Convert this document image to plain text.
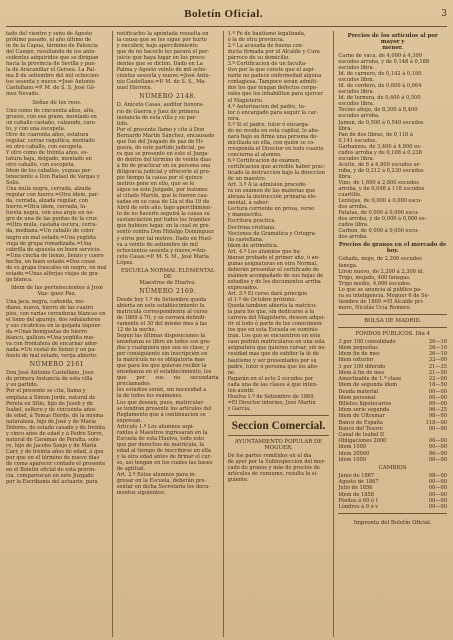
Boletín Oficial.	3
tado del vientre y seño de Agosto
prótimo pasado, el año último de
in de la Capua, término de Palencia
del Campo, resultando de los ante-
cedentes adquiridos que se dirigian
hacia la provincia de Sevilla y pue-
la de Aracanillar el Gersea. La Pal-
ma 8 de setiembre del mil ochocien-
tos sesenta y nueve.=José Antonio
Castellano.=P. M. de S. S. José Gó-
mez Nevado.
Señas de los reos.
Uno como de cincuenta años, alto,
grueso, con ese grano, montado en
un caballo castaño, calzando, care-
to, y con una escopeta.
Otro de cuarenta años, estatura
regular, cerraz raquítica, montado
en otro caballo, con escopeta.
Y otro como de treinta años, es-
tatura baja, delgado, montado en
otro caballo, con escopeta.
Idem de los caballos, yeguas per-
teneciente a Don Rafael de Vargas y
Solis.
Una mula negra, cerrada, alzada
regular con hierro.=Otra idem, par-
da, cerrada, alzada regular, con
hierro.=Otra idem, cerrada, lu-
fureta negra, con una argis en ne-
gro de una de las puntas de la cruz.
=Otra mula, castaña oscura, cerra-
da, mediana.=Un caballo de color
negro en mal estado.=Una yegüita
vieja de grupa romadizada.=Una
cabrilla de apuesta en buen servicio.
=Una cincha de lienzo, lienzo y cuero
hecha, en buen estado.=Dos cosas
de su grapa trascalso en negro, en mal
estado.=Unas alforjas viejas de gra-
ga blanca.
Idem de las pertenecientes á José Vaz- quez Paz.
Una jaca, negra, cañenda, me-
diano, nueva, hierro de las cuatro
pies, con varias cerraduras blancas en
el lomo del aparejo, dos señaladores
y sus cicatrices en la quijada izquier-
da.=Unas boniguetas de hierro
blanco, galluzo.=Una yegüita nue-
va con frontalera de encarnar ador-
nada.=Un costal de lienzo y un pa-
ñuelo de mal estado, verija abierto.
NÚMERO 2161
Don José Antonio Castellano, Juez
de primera Instancia de esta villa
y su partido.
Por el presente se cita, llama y
emplaza á Simon Jorde, natural de
Pereta en Sitio, hijo de Juseb y de
Isabel, soltero y de cincuenta años
de edad, á Tomas Herdo, de la misma
naturaleza, hijo de José y de María
Dolores, de estado casado y de treinta
y cinco años de edad y á Pedro Sorro,
natural de Caramas de Peralta, sole-
ro, hijo de Jacobo Sanjo y de María
Carr, y de treinta años de edad, á que
por que en el término de nueve dias
de como aparecer contado el presente
en el Boletín oficial de esta provin-
cia, comparezcan en este Juzgado
por la Escribanía del actuario, para
notificarles la apuntada resuelta en
la causa que se les sigue por hurto
y encubrir, bajo apercibimiento
que de no hacerlo les parará el per-
juicio que haya lugar en los proce-
dentes que se dicten. Dado en La
Palma y Agosto veinte de mil ocho-
cientos sesenta y nueve.=José Anto-
nio Castellano.=P. M. de S. S., Ma-
nuel Herrera.
NÚMERO 2148.
D. Aniceto Casas, auditor honora-
rio de Guerra y Juez de primera
instancia de esta villa y su par-
tido.
Por el presente llamo y cito á Don
Bernardo Martín Sánchez, encausado
que fué del Juzgado de paz de Hi-
guera, de este partido judicial, pa-
ra que se presente en este el Juzga-
do dentro del término de veinte dias
á fin de practicar en su persona una
diligencia judicial y ofrecerle el pro-
pio tiempo la causa por el quince
metros pone en ello, que se le
sigue en este Juzgado, por lesiones
al citado Martín, que le fueron cau-
sadas en su casa de Lla el dia 19 de
Abril de este año, bajo apercibimien-
to de no hacerlo seguirá la causa su
sustanciacion por todos los trámites
que hubiere lugar, en la cual se pre-
sentó contra Don Hidalgo Domínguez
y otros por tal motivo. Dado en Huel-
va a veinte de setiembre de mil
ochocientos sesenta y nueve.=Ani-
ceto Casas.=P. M. S. M., José María
López.
ESCUELA NORMAL ELEMENTAL DE
Maestros de Huelva.
NÚMERO 2169.
Desde hoy 1.º de Setiembre queda
abierta en este establecimiento la
matrícula correspondiente al curso
de 1869 á 70, y se cerrará definiti-
vamente el 30 del mismo mes á las
12 de la noche.
Segun las últimas disposiciones la
enseñanza es libre en todos sus gra-
dos y cualquiera que sea su clase, y
por consiguiente sin inscripción en
la matrícula no es obligatoria mas
que para los que quieran recibir la
enseñanza en el establecimiento, los
que por sus no secundaria preclamados
los estudios serán, sin necesidad a
la de todos los exámenes.
Los que deseen, pues, matricular-
se tendrán presente los artículos del
Reglamento que á continuacion se
expresan.
Artículo 1.º Los alumnos aspi-
rantes á Maestros ingresarán en la
Escuela de esta Huelva, todo esto
que por derechos de matrícula, la
edad al tiempo de inscribirse en ella
y la otra edad antes de firmar el cur-
so, así tengan en los cuales las bases
de aptitud.
Art. 2.º Estos alumnos para in-
gresar en la Escuela, deberán pre-
sentar en dicha Secretaría los docu-
mentos siguientes:
1.º Fé de bautismo legalizada,
ó la de otra provincia.
2.º La acusada de buena con-
ducta firmada por el Alcalde y Cura
párroco de su domicilio.
3.º Certificacion de un faculta-
tivo por la que conste que el aspi-
rante no padece enfermedad alguna
contagiosa. Tampoco serán admiti-
dos los que tengan defectos corpo-
rales que los inhabiliten para ejercer
el Magisterio.
4.º Autorizacion del padre, tu-
tor ó encargado para seguir la car-
rera.
5.º Si el padre, tutor ó encarga-
do no reside en esta capital, lo abo-
nará bajo su firma una persona do-
miciliada en ella, con quién se co-
rresponda el Director en todo cuanto
concierna al alumno.
6.º Certificación de exámen,
certificacion que acredite haber prac-
ticado la instruccion bajo la direccion
de un maestro.
Art. 3.º Á la admision procede-
rá un exámen de las materias que
abraza la instrucción primaria ele-
mental, á saber:
Lectura corriente en prosa, verso
y manuscrito.
Escritura práctica.
Doctrina cristiana.
Nociones de Gramática y Ortogra-
fía castellana.
Idem de aritmética.
Art. 4.º Los alumnos que hu-
bieran probado el primer año, ó an-
gunas asignaturas en otra Normal,
deberán presentar el certificado de
exámen acompañado de sus hojas de
estudios y de los documentos arriba
expresados.
Art. 5.º El curso dará principio
el 1.º de Octubre próximo.
Queda tambien abierta la matrícu-
la para los que, sin dedicarse á la
carrera del Magisterio, deseen adqui-
rir el todo ó parte de los conocimien-
tos que en esta Escuela se suminis-
tran. Los que se encuentren en este
caso podrán matricularse en una sola
asignatura que quieran cursar, sin ne-
cesidad mas que de exhibir la fé de
bautismo y ser presentados por su
padre, tutor ó persona que los abo-
ne.
Pagarán en el acto 2 escudos por
cada una de las clases á que inten-
ten asistir.
Huelva 1.º de Setiembre de 1869.
=El Director interino, José Martín
y García.
Seccion Comercial.
AYUNTAMIENTO POPULAR DE
MOGUER.
De los partes remitidos en el dia
de ayer por la Subinspeccion del mer-
cado de granos y más de precios de
artículos de consumo, resulta lo si-
guiente.
Precios de los artículos al por mayor y
menor.
Carne de vaca, de 4,000 á 4,300
escudos arroba, y de 0,148 á 0,188
escudos libra.
Id. de carnero, de 0,142 á 0,180
escudos libra.
Id. de cordero, de 0,600 á 0,664
escudos libra.
Id. de ternera, de 0,400 á 0,500
escudos libra.
Tocino añejo, de 8,300 á 8,400
escudos arroba.
Jamon, de 0,500 á 0,540 escudos
libra.
Pan de dos libras, de 0,118 á
0,141 escudos.
Garbanzos, de 3,400 á 4,800 es-
cudos arroba y de 0,108 á 0,238
escudos libra.
Aceite, de 6 á 6,800 escudos ar-
roba, y de 0,212 á 0,230 escudos
libra.
Vino, de 1,600 á 2,800 escudos
arroba, y de 0,048 á 118 escudos
cuartillo.
Lentejas, de 0,000 á 0,000 escu-
dos arroba.
Patatas, de 0,000 á 0,000 escu-
dos arroba, y de 0,000 á 0,000 es-
cudos libra.
Carbon, de 0,000 á 0,000 escu-
dos arroba.
Precios de granos en el mercado de hoy.
Cebada, mojo, de 2,200 escudos
fanega.
Liron nuevo, de 2,200 á 2,300 id.
Trigo, mojado, 400 fanegas.
Trigo medio, 4,000 escudos.
Lo que se anuncia al público pa-
ra su inteligencia. Moguer 6 de Se-
tiembre de 1869.=El Alcalde pri-
mero, Nicolás Ucía Romero.
BOLSA DE MADRID.
FONDOS PÚBLICOS. Dia 4
3 por 100 consolidado	26—10
Idem pequeñas	26—10
Idem fin de mes	26—10
Idem exterior	32—00
3 por 100 diferido	21—35
Idem á fin de mes	21—50
Amortizable de 1.ª clase	22—00
Idem de segunda idem	18—50
Deuda material	00—00
Idem personal	00—00
Billetes hipotecarios	99—00
Idem serie segunda	96—25
Idem de Ultramar	98—00
Banco de España	118—00
Banco del Tesoro	00—00
Canal de Isabel II	
Obligaciones 2000	00—00
Idem 1000	90—00
Idem 20000	96—00
Idem 1000	00—00
CAMBIOS
Junio de 1867	98—00
Agosto de 1867	00—00
Julio de 1856	00—00
Idem de 1858	00—00
Pósitos á 60 ó f	00—00
Lóndres á 9 ó v	00—00
Imprenta del Boletín Oficial.
